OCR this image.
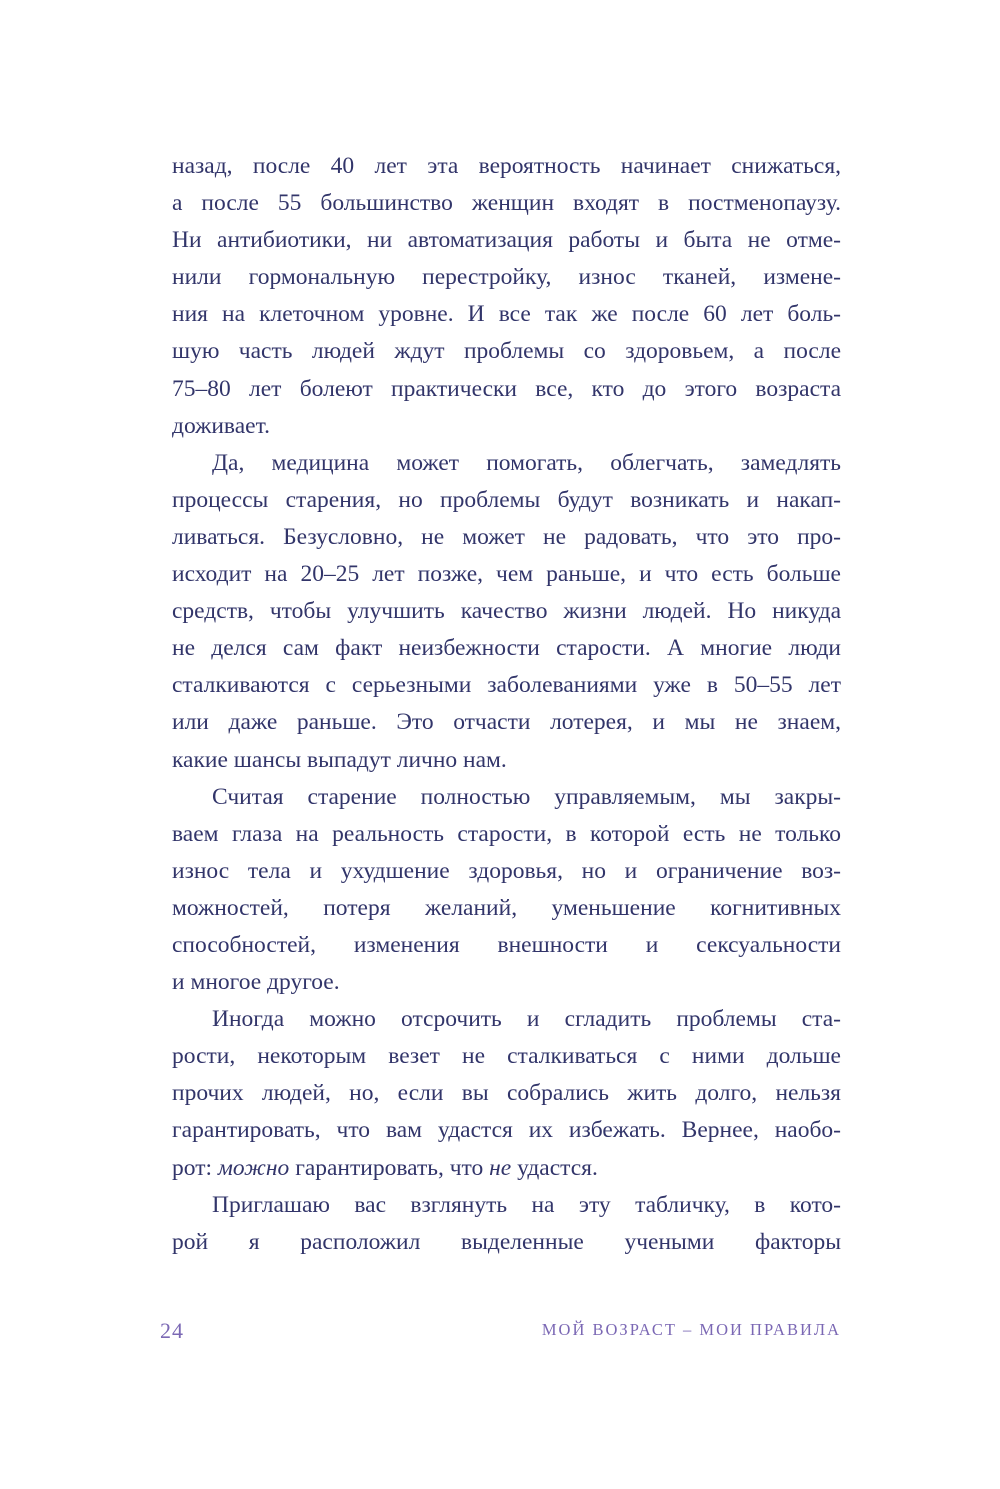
назад, после 40 лет эта вероятность начинает снижаться,
а после 55 большинство женщин входят в постменопаузу.
Ни антибиотики, ни автоматизация работы и быта не отме-
нили гормональную перестройку, износ тканей, измене-
ния на клеточном уровне. И все так же после 60 лет боль-
шую часть людей ждут проблемы со здоровьем, а после
75–80 лет болеют практически все, кто до этого возраста
доживает.
Да, медицина может помогать, облегчать, замедлять
процессы старения, но проблемы будут возникать и накап-
ливаться. Безусловно, не может не радовать, что это про-
исходит на 20–25 лет позже, чем раньше, и что есть больше
средств, чтобы улучшить качество жизни людей. Но никуда
не делся сам факт неизбежности старости. А многие люди
сталкиваются с серьезными заболеваниями уже в 50–55 лет
или даже раньше. Это отчасти лотерея, и мы не знаем,
какие шансы выпадут лично нам.
Считая старение полностью управляемым, мы закры-
ваем глаза на реальность старости, в которой есть не только
износ тела и ухудшение здоровья, но и ограничение воз-
можностей, потеря желаний, уменьшение когнитивных
способностей, изменения внешности и сексуальности
и многое другое.
Иногда можно отсрочить и сгладить проблемы ста-
рости, некоторым везет не сталкиваться с ними дольше
прочих людей, но, если вы собрались жить долго, нельзя
гарантировать, что вам удастся их избежать. Вернее, наобо-
рот: можно гарантировать, что не удастся.
Приглашаю вас взглянуть на эту табличку, в кото-
рой я расположил выделенные учеными факторы
24	МОЙ ВОЗРАСТ – МОИ ПРАВИЛА
